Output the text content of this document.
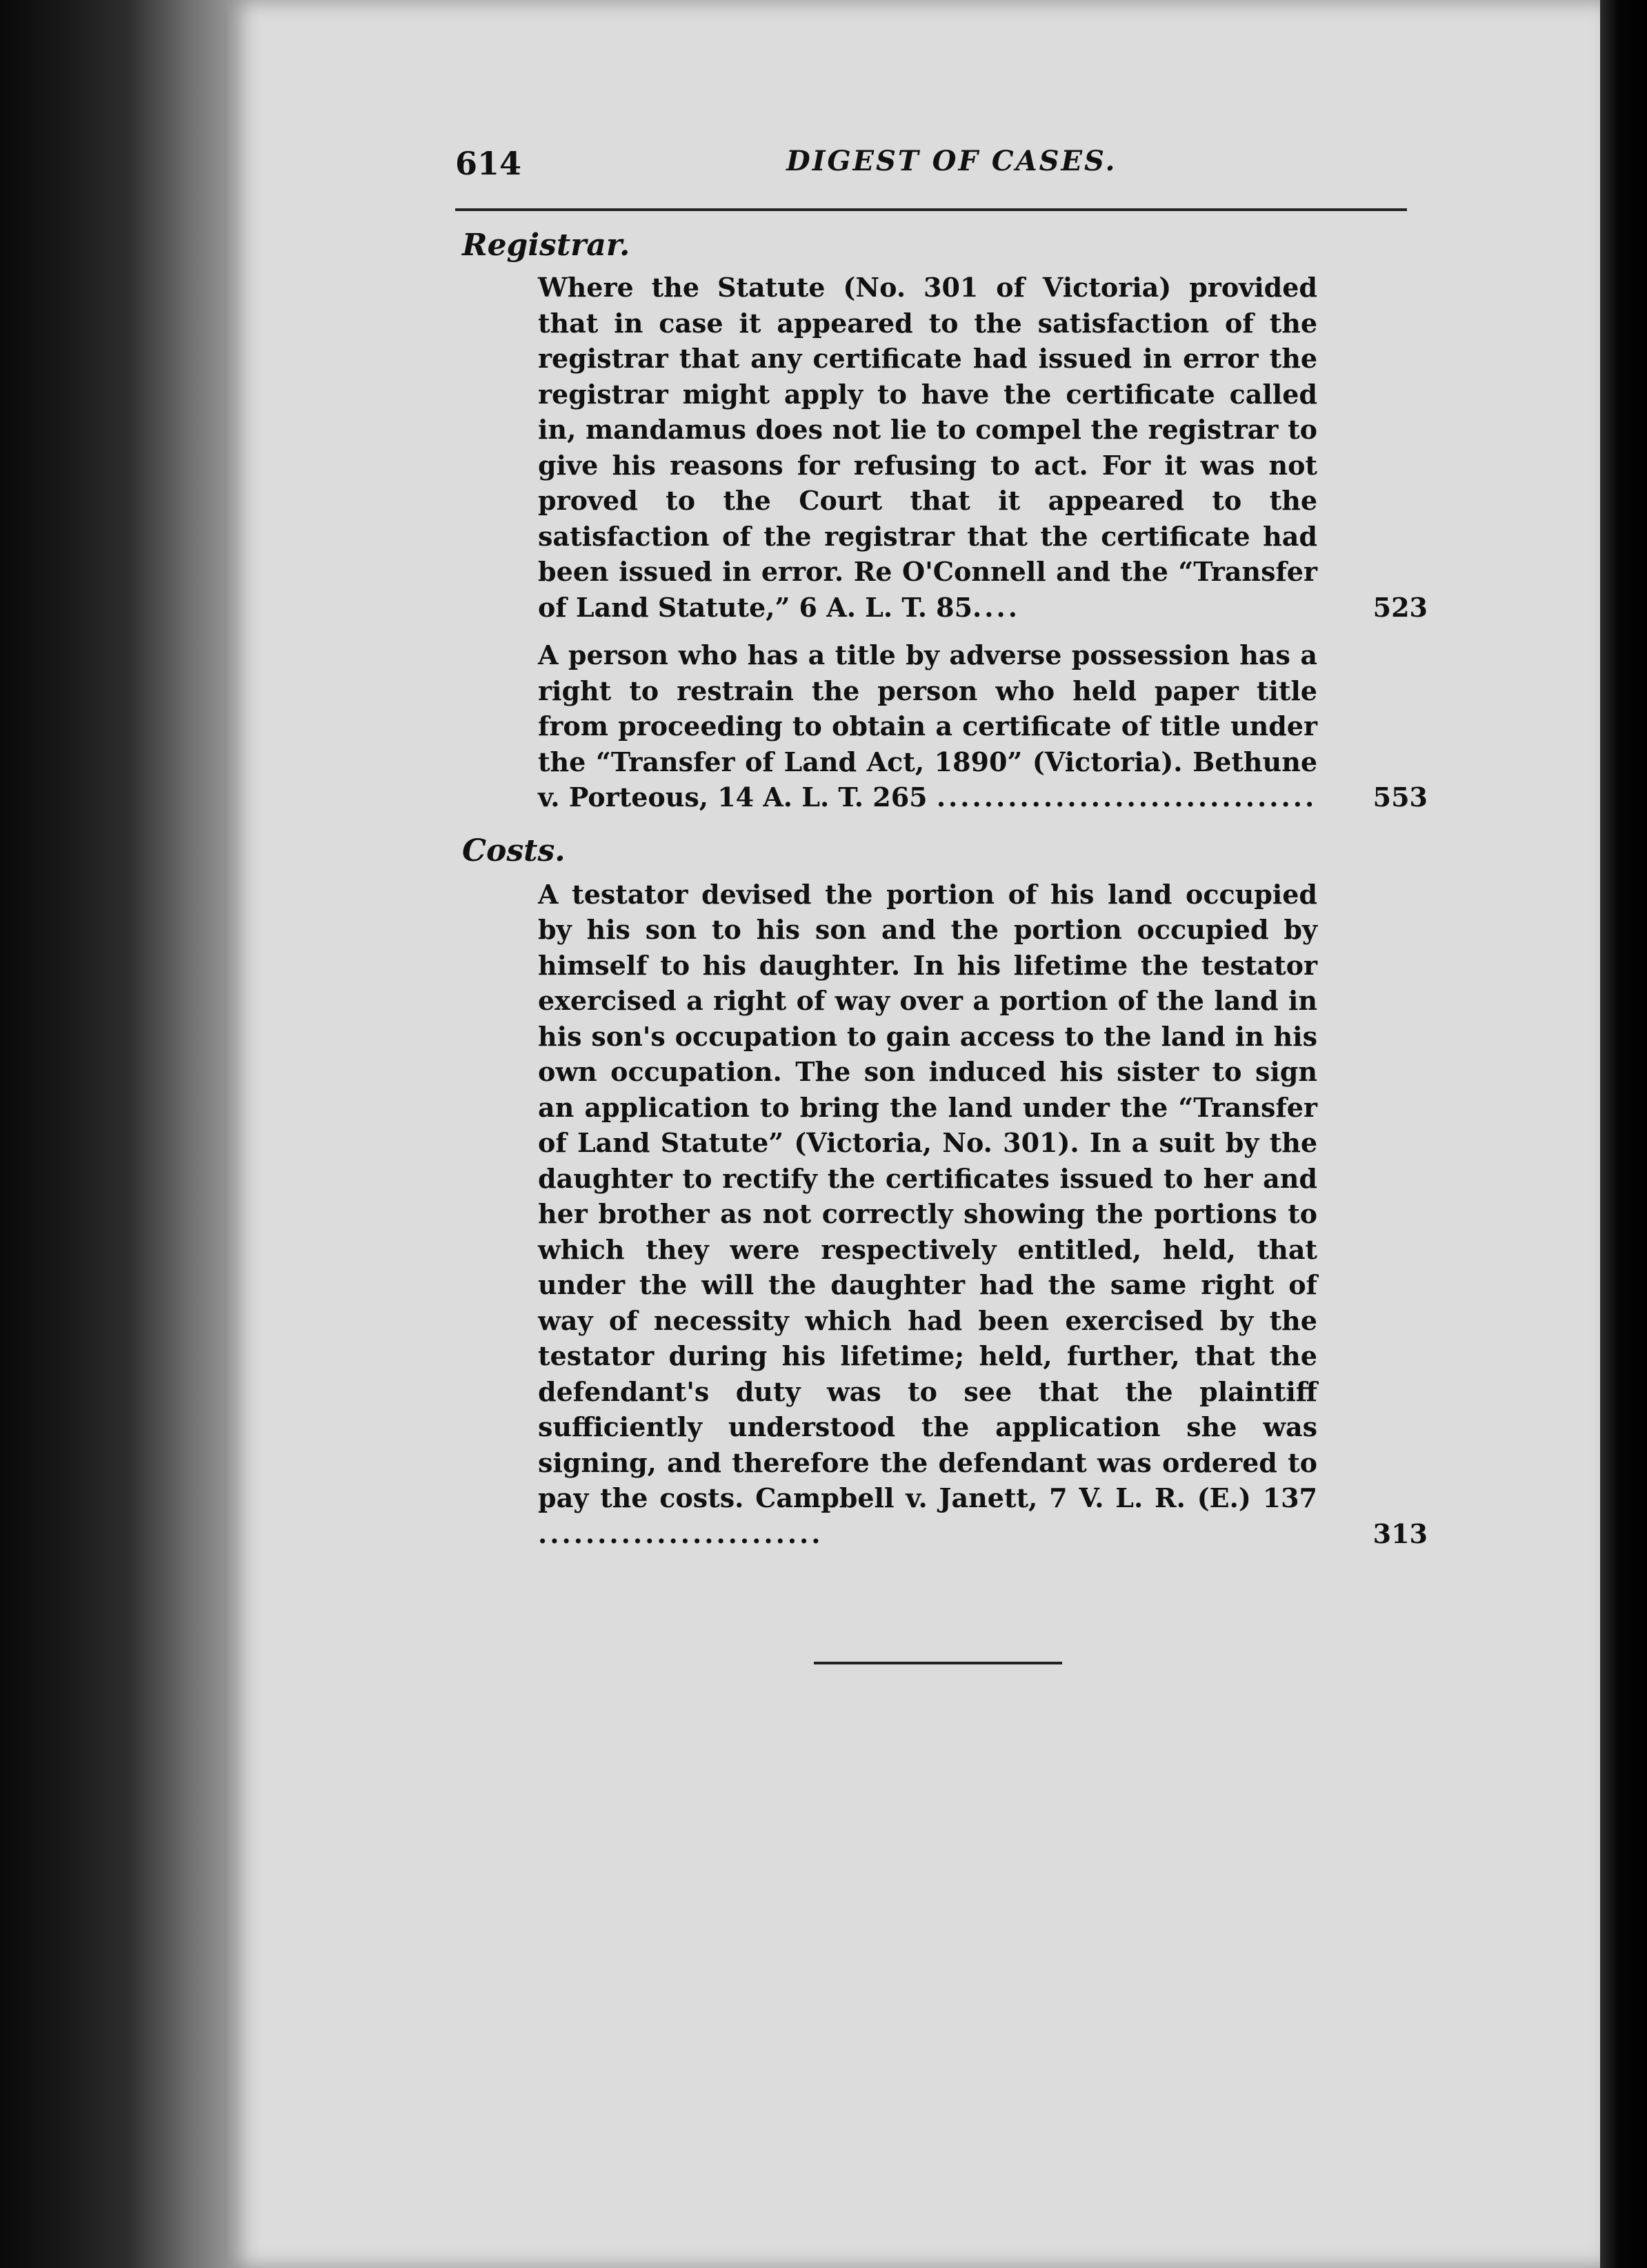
614	DIGEST OF CASES.
Registrar.
Where the Statute (No. 301 of Victoria) provided that in case it appeared to the satisfaction of the registrar that any certificate had issued in error the registrar might apply to have the certificate called in, mandamus does not lie to compel the registrar to give his reasons for refusing to act. For it was not proved to the Court that it appeared to the satisfaction of the registrar that the certificate had been issued in error. Re O'Connell and the “Transfer of Land Statute,” 6 A. L. T. 85....	523
A person who has a title by adverse possession has a right to restrain the person who held paper title from proceeding to obtain a certificate of title under the “Transfer of Land Act, 1890” (Victoria). Bethune v. Porteous, 14 A. L. T. 265 ................................ 553
Costs.
A testator devised the portion of his land occupied by his son to his son and the portion occupied by himself to his daughter. In his lifetime the testator exercised a right of way over a portion of the land in his son's occupation to gain access to the land in his own occupation. The son induced his sister to sign an application to bring the land under the “Transfer of Land Statute” (Victoria, No. 301). In a suit by the daughter to rectify the certificates issued to her and her brother as not correctly showing the portions to which they were respectively entitled, held, that under the will the daughter had the same right of way of necessity which had been exercised by the testator during his lifetime; held, further, that the defendant's duty was to see that the plaintiff sufficiently understood the application she was signing, and therefore the defendant was ordered to pay the costs. Campbell v. Janett, 7 V. L. R. (E.) 137 ........................	313
